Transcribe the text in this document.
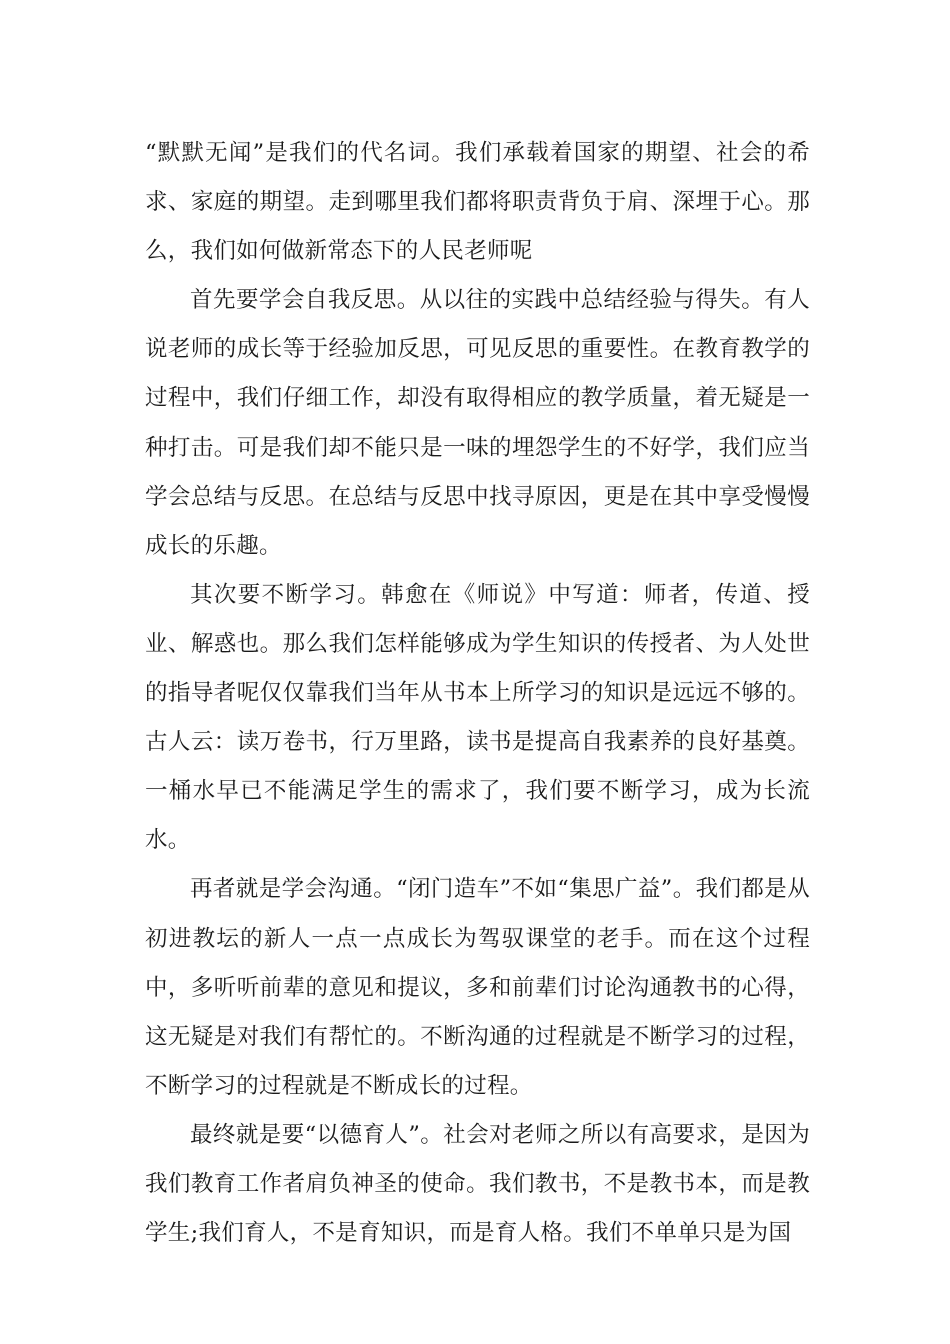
“默默无闻”是我们的代名词。我们承载着国家的期望、社会的希求、家庭的期望。走到哪里我们都将职责背负于肩、深埋于心。那么，我们如何做新常态下的人民老师呢

首先要学会自我反思。从以往的实践中总结经验与得失。有人说老师的成长等于经验加反思，可见反思的重要性。在教育教学的过程中，我们仔细工作，却没有取得相应的教学质量，着无疑是一种打击。可是我们却不能只是一味的埋怨学生的不好学，我们应当学会总结与反思。在总结与反思中找寻原因，更是在其中享受慢慢成长的乐趣。

其次要不断学习。韩愈在《师说》中写道：师者，传道、授业、解惑也。那么我们怎样能够成为学生知识的传授者、为人处世的指导者呢仅仅靠我们当年从书本上所学习的知识是远远不够的。古人云：读万卷书，行万里路，读书是提高自我素养的良好基奠。一桶水早已不能满足学生的需求了，我们要不断学习，成为长流水。

再者就是学会沟通。“闭门造车”不如“集思广益”。我们都是从初进教坛的新人一点一点成长为驾驭课堂的老手。而在这个过程中，多听听前辈的意见和提议，多和前辈们讨论沟通教书的心得，这无疑是对我们有帮忙的。不断沟通的过程就是不断学习的过程，不断学习的过程就是不断成长的过程。

最终就是要“以德育人”。社会对老师之所以有高要求，是因为我们教育工作者肩负神圣的使命。我们教书，不是教书本，而是教学生;我们育人，不是育知识，而是育人格。我们不单单只是为国
